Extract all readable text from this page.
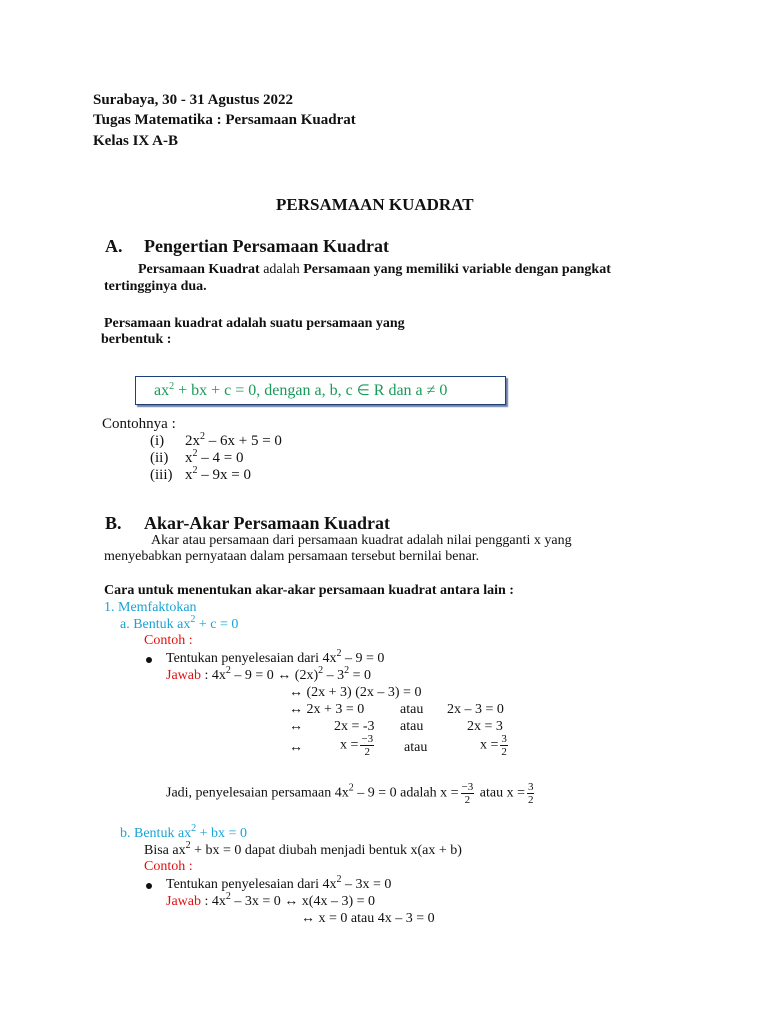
Surabaya, 30 - 31 Agustus 2022
Tugas Matematika : Persamaan Kuadrat
Kelas IX A-B
PERSAMAAN KUADRAT
A. Pengertian Persamaan Kuadrat
Persamaan Kuadrat adalah Persamaan yang memiliki variable dengan pangkat
tertingginya dua.
Persamaan kuadrat adalah suatu persamaan yang
berbentuk :
$ax^2$ + bx + c = 0, dengan a, b, c ∈ R dan a ≠ 0
Contohnya :
(i) $2x^2 - 6x + 5 = 0$
(ii) $x^2 - 4 = 0$
(iii) $x^2 - 9x = 0$
B. Akar-Akar Persamaan Kuadrat
Akar atau persamaan dari persamaan kuadrat adalah nilai pengganti x yang
menyebabkan pernyataan dalam persamaan tersebut bernilai benar.
Cara untuk menentukan akar-akar persamaan kuadrat antara lain :
1. Memfaktokan
a. Bentuk $ax^2 + c = 0$
Contoh :
Tentukan penyelesaian dari $4x^2 - 9 = 0$
Jawab : $4x^2 - 9 = 0$ ↔ $(2x)^2 - 3^2 = 0$
↔ (2x + 3) (2x – 3) = 0
↔ 2x + 3 = 0	atau 2x – 3 = 0
↔ 2x = -3 atau	2x = 3
↔	$x = \frac{-3}{2}$ atau	$x = \frac{3}{2}$
Jadi, penyelesaian persamaan $4x^2 - 9 = 0$ adalah $x = \frac{-3}{2}$ atau $x = \frac{3}{2}$
b. Bentuk $ax^2$ + bx = 0
Bisa $ax^2$ + bx = 0 dapat diubah menjadi bentuk x(ax + b)
Contoh :
Tentukan penyelesaian dari $4x^2 - 3x = 0$
Jawab : $4x^2 - 3x = 0$ ↔ x(4x – 3) = 0
↔ x = 0 atau 4x – 3 = 0
